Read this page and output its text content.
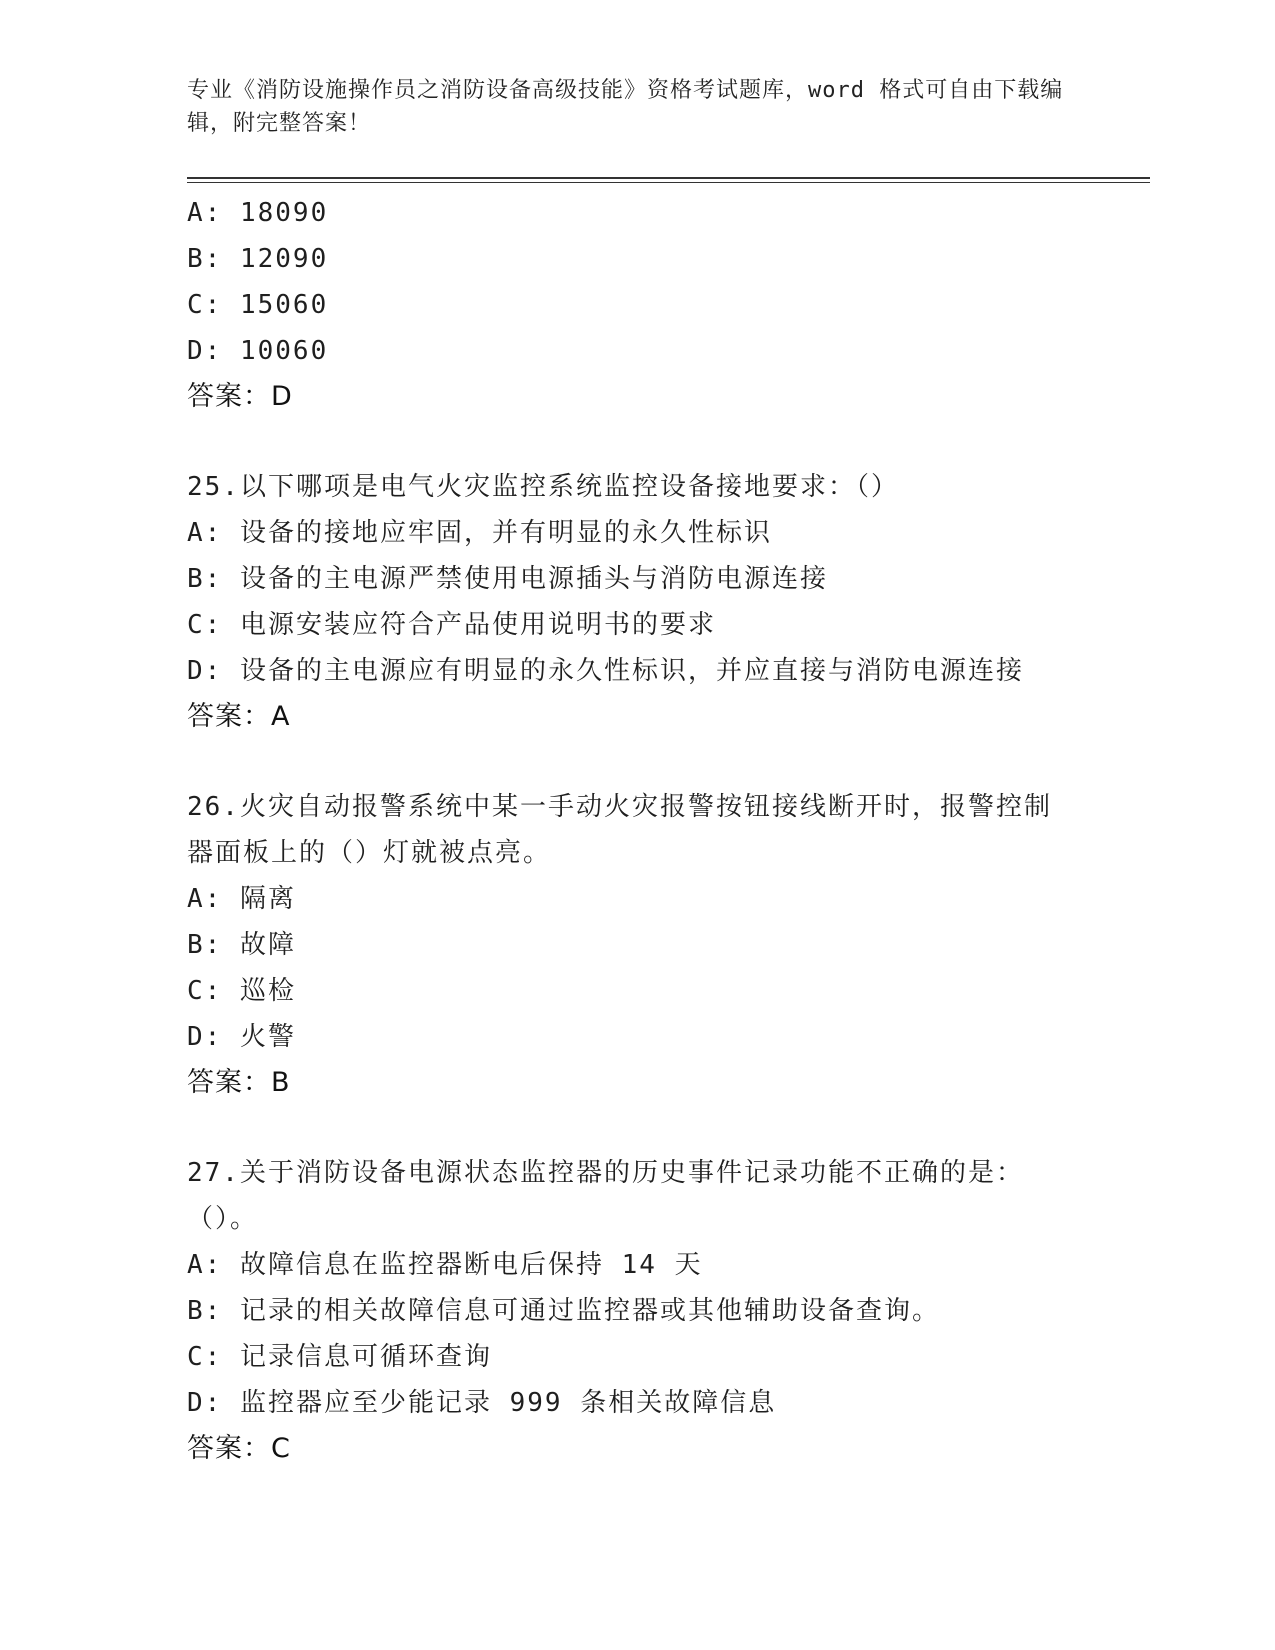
专业《消防设施操作员之消防设备高级技能》资格考试题库，word 格式可自由下载编辑，附完整答案！
A: 18090
B: 12090
C: 15060
D: 10060
答案：D
25.以下哪项是电气火灾监控系统监控设备接地要求：（）
A: 设备的接地应牢固，并有明显的永久性标识
B: 设备的主电源严禁使用电源插头与消防电源连接
C: 电源安装应符合产品使用说明书的要求
D: 设备的主电源应有明显的永久性标识，并应直接与消防电源连接
答案：A
26.火灾自动报警系统中某一手动火灾报警按钮接线断开时，报警控制器面板上的（）灯就被点亮。
A: 隔离
B: 故障
C: 巡检
D: 火警
答案：B
27.关于消防设备电源状态监控器的历史事件记录功能不正确的是：（）。
A: 故障信息在监控器断电后保持 14 天
B: 记录的相关故障信息可通过监控器或其他辅助设备查询。
C: 记录信息可循环查询
D: 监控器应至少能记录 999 条相关故障信息
答案：C
